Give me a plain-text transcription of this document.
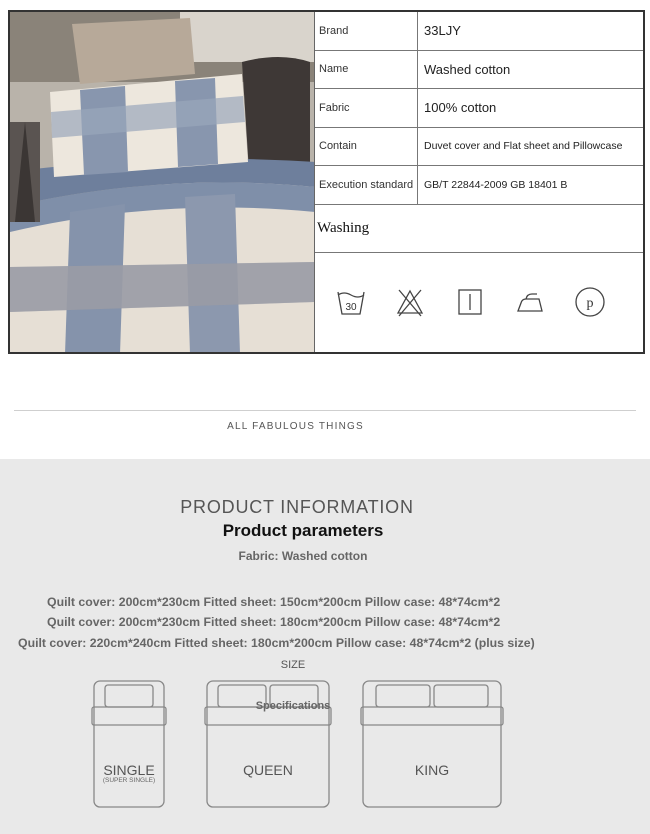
Brand	33LJY
Name	Washed cotton
Fabric	100% cotton
Contain	Duvet cover and Flat sheet and Pillowcase
Execution standard	GB/T 22844-2009 GB 18401 B
Washing
30	p
ALL FABULOUS THINGS
PRODUCT INFORMATION
Product parameters
Fabric: Washed cotton
Quilt cover: 200cm*230cm Fitted sheet: 150cm*200cm Pillow case: 48*74cm*2
Quilt cover: 200cm*230cm Fitted sheet: 180cm*200cm Pillow case: 48*74cm*2
Quilt cover: 220cm*240cm Fitted sheet: 180cm*200cm Pillow case: 48*74cm*2 (plus size)
SIZE
Specifications
SINGLE
(SUPER SINGLE)
QUEEN	KING
